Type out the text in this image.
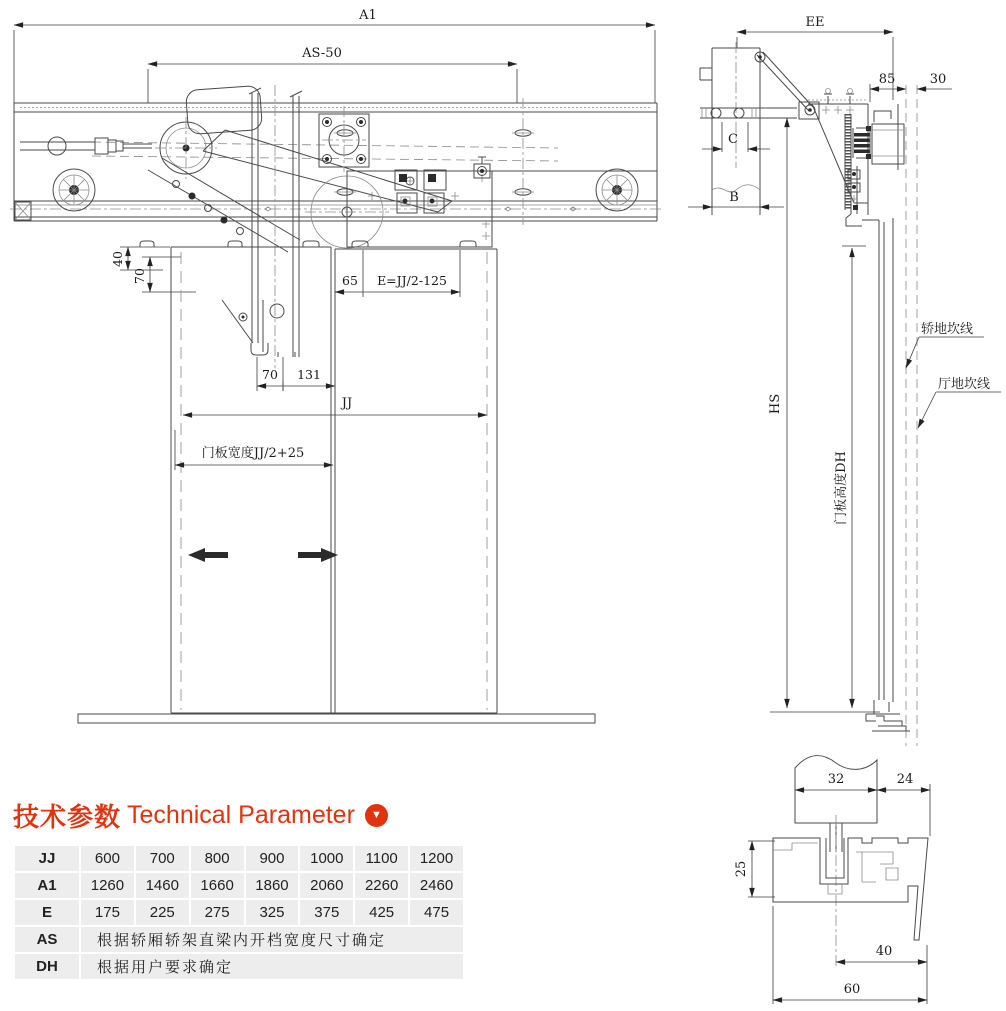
A1
AS-50
40
70	65 E=JJ/2-125
70 131
JJ
门板宽度JJ/2+25
EE
C
B
85	30
HS
门板高度DH
轿地坎线
厅地坎线
32	24
25
40
60
技术参数 Technical Parameter	▼
JJ	600	700	800	900	1000	1100	1200
A1	1260	1460	1660	1860	2060	2260	2460
E	175	225	275	325	375	425	475
AS	根据轿厢轿架直梁内开档宽度尺寸确定						
DH	根据用户要求确定						
